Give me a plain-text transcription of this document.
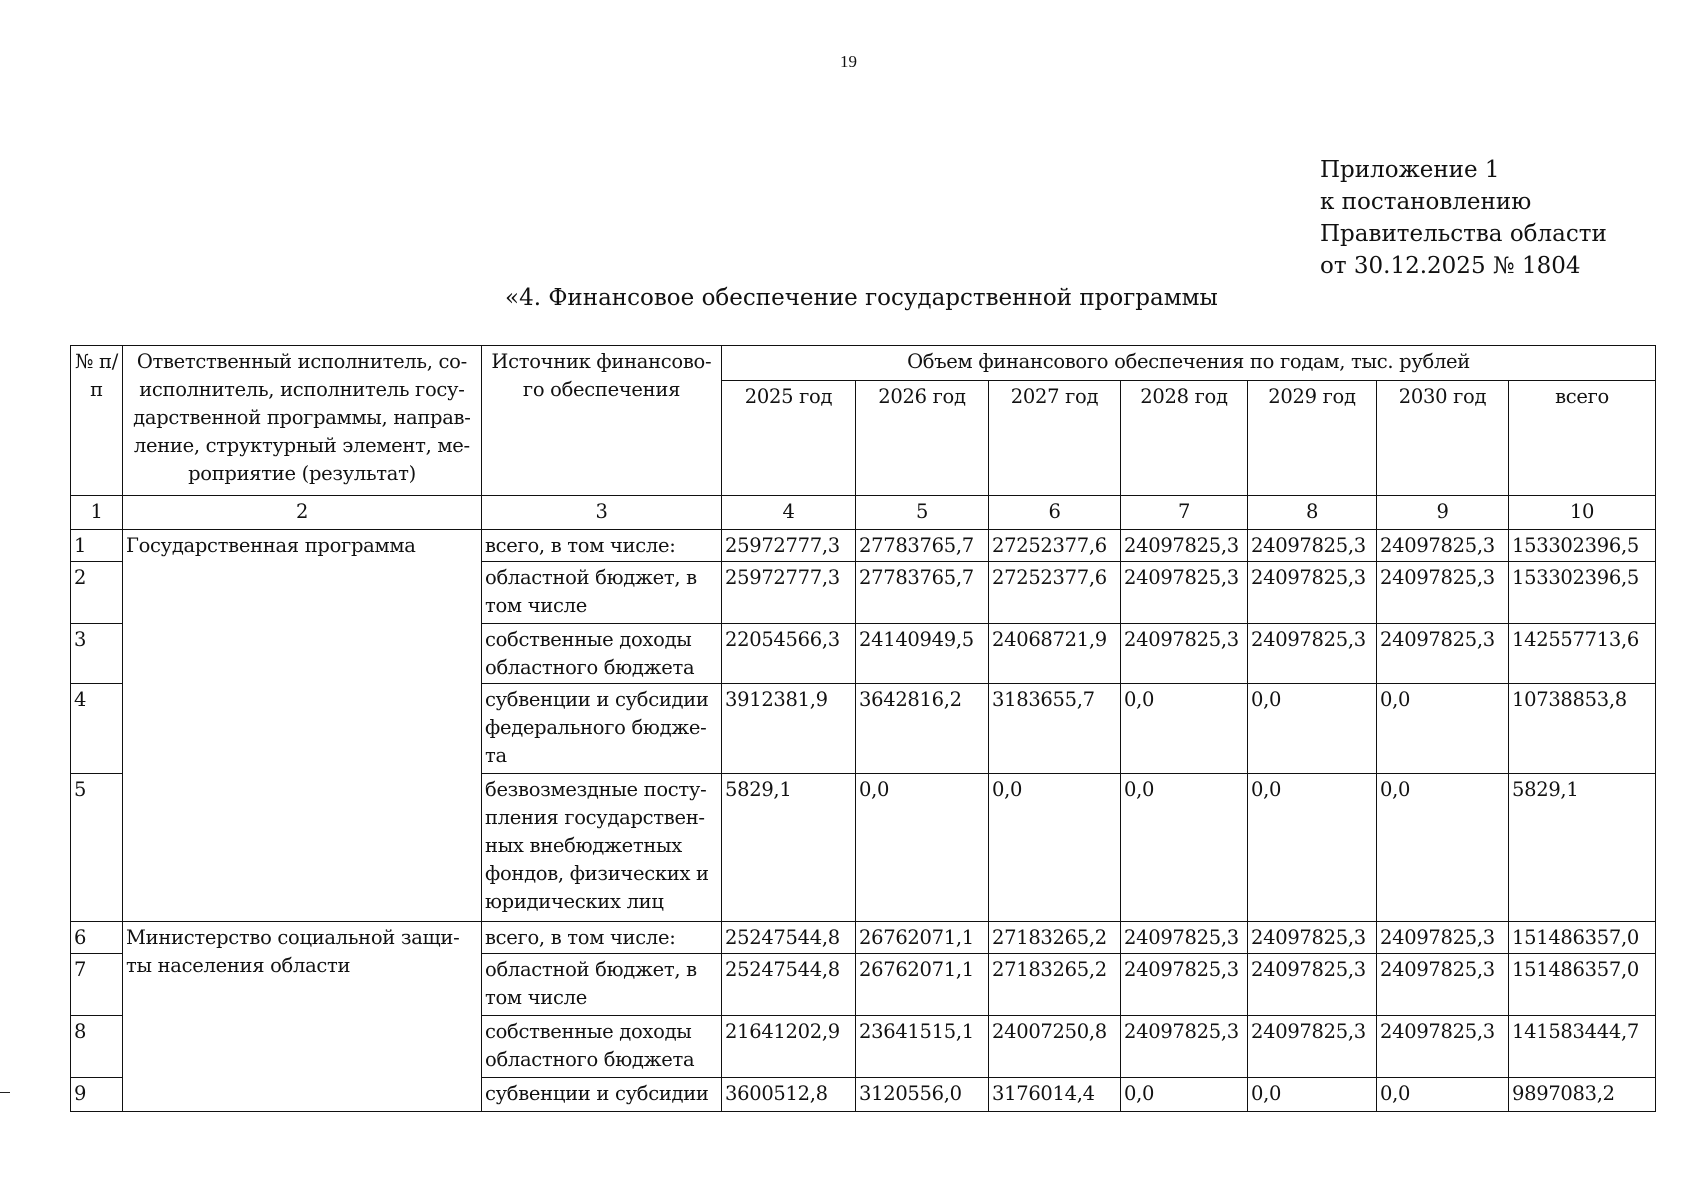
19
Приложение 1
к постановлению
Правительства области
от 30.12.2025 № 1804
«4. Финансовое обеспечение государственной программы
№ п/п	Ответственный исполнитель, соисполнитель, исполнитель государственной программы, направление, структурный элемент, мероприятие (результат)	Источник финансового обеспечения	Объем финансового обеспечения по годам, тыс. рублей						
			2025 год	2026 год	2027 год	2028 год	2029 год	2030 год	всего
1	2	3	4	5	6	7	8	9	10
1	Государственная программа	всего, в том числе:	25972777,3	27783765,7	27252377,6	24097825,3	24097825,3	24097825,3	153302396,5
2		областной бюджет, в том числе	25972777,3	27783765,7	27252377,6	24097825,3	24097825,3	24097825,3	153302396,5
3		собственные доходы областного бюджета	22054566,3	24140949,5	24068721,9	24097825,3	24097825,3	24097825,3	142557713,6
4		субвенции и субсидии федерального бюджета	3912381,9	3642816,2	3183655,7	0,0	0,0	0,0	10738853,8
5		безвозмездные поступления государственных внебюджетных фондов, физических и юридических лиц	5829,1	0,0	0,0	0,0	0,0	0,0	5829,1
6	Министерство социальной защиты населения области	всего, в том числе:	25247544,8	26762071,1	27183265,2	24097825,3	24097825,3	24097825,3	151486357,0
7		областной бюджет, в том числе	25247544,8	26762071,1	27183265,2	24097825,3	24097825,3	24097825,3	151486357,0
8		собственные доходы областного бюджета	21641202,9	23641515,1	24007250,8	24097825,3	24097825,3	24097825,3	141583444,7
9		субвенции и субсидии	3600512,8	3120556,0	3176014,4	0,0	0,0	0,0	9897083,2
